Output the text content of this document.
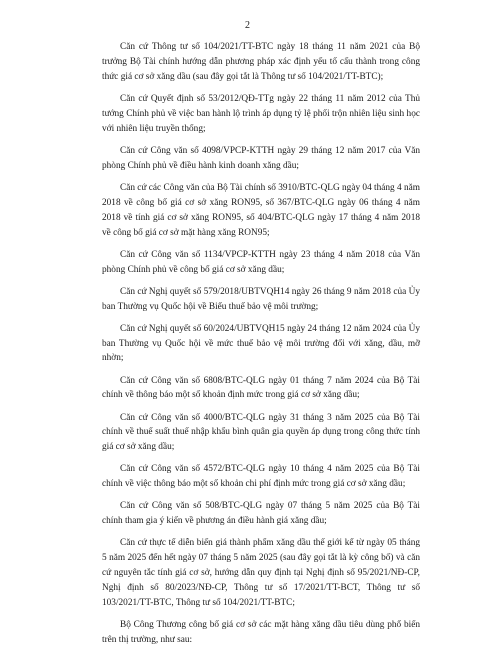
2

Căn cứ Thông tư số 104/2021/TT-BTC ngày 18 tháng 11 năm 2021 của Bộ trưởng Bộ Tài chính hướng dẫn phương pháp xác định yếu tố cấu thành trong công thức giá cơ sở xăng dầu (sau đây gọi tắt là Thông tư số 104/2021/TT-BTC);

Căn cứ Quyết định số 53/2012/QĐ-TTg ngày 22 tháng 11 năm 2012 của Thủ tướng Chính phủ về việc ban hành lộ trình áp dụng tỷ lệ phối trộn nhiên liệu sinh học với nhiên liệu truyền thống;

Căn cứ Công văn số 4098/VPCP-KTTH ngày 29 tháng 12 năm 2017 của Văn phòng Chính phủ về điều hành kinh doanh xăng dầu;

Căn cứ các Công văn của Bộ Tài chính số 3910/BTC-QLG ngày 04 tháng 4 năm 2018 về công bố giá cơ sở xăng RON95, số 367/BTC-QLG ngày 06 tháng 4 năm 2018 về tính giá cơ sở xăng RON95, số 404/BTC-QLG ngày 17 tháng 4 năm 2018 về công bố giá cơ sở mặt hàng xăng RON95;

Căn cứ Công văn số 1134/VPCP-KTTH ngày 23 tháng 4 năm 2018 của Văn phòng Chính phủ về công bố giá cơ sở xăng dầu;

Căn cứ Nghị quyết số 579/2018/UBTVQH14 ngày 26 tháng 9 năm 2018 của Ủy ban Thường vụ Quốc hội về Biểu thuế bảo vệ môi trường;

Căn cứ Nghị quyết số 60/2024/UBTVQH15 ngày 24 tháng 12 năm 2024 của Ủy ban Thường vụ Quốc hội về mức thuế bảo vệ môi trường đối với xăng, dầu, mỡ nhờn;

Căn cứ Công văn số 6808/BTC-QLG ngày 01 tháng 7 năm 2024 của Bộ Tài chính về thông báo một số khoản định mức trong giá cơ sở xăng dầu;

Căn cứ Công văn số 4000/BTC-QLG ngày 31 tháng 3 năm 2025 của Bộ Tài chính về thuế suất thuế nhập khẩu bình quân gia quyền áp dụng trong công thức tính giá cơ sở xăng dầu;

Căn cứ Công văn số 4572/BTC-QLG ngày 10 tháng 4 năm 2025 của Bộ Tài chính về việc thông báo một số khoản chi phí định mức trong giá cơ sở xăng dầu;

Căn cứ Công văn số 508/BTC-QLG ngày 07 tháng 5 năm 2025 của Bộ Tài chính tham gia ý kiến về phương án điều hành giá xăng dầu;

Căn cứ thực tế diễn biến giá thành phẩm xăng dầu thế giới kể từ ngày 05 tháng 5 năm 2025 đến hết ngày 07 tháng 5 năm 2025 (sau đây gọi tắt là kỳ công bố) và căn cứ nguyên tắc tính giá cơ sở, hướng dẫn quy định tại Nghị định số 95/2021/NĐ-CP, Nghị định số 80/2023/NĐ-CP, Thông tư số 17/2021/TT-BCT, Thông tư số 103/2021/TT-BTC, Thông tư số 104/2021/TT-BTC;

Bộ Công Thương công bố giá cơ sở các mặt hàng xăng dầu tiêu dùng phổ biến trên thị trường, như sau:
